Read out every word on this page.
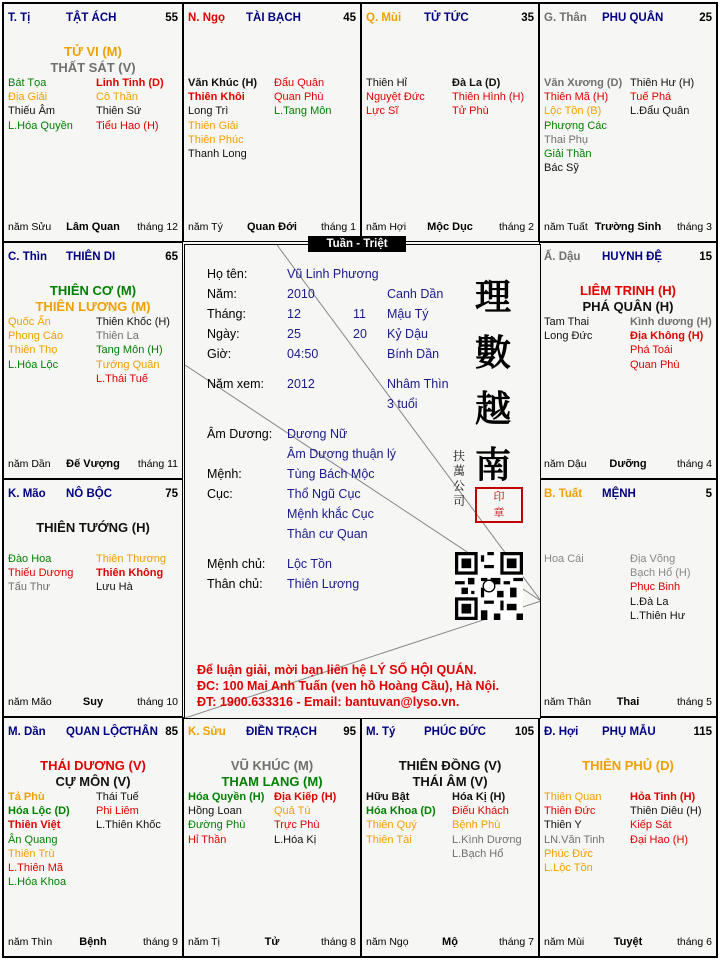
T. Tị	TẬT ÁCH	55
TỬ VI (M)
THẤT SÁT (V)
Bát Tọa
Địa Giải
Thiếu Âm
L.Hóa Quyền
Linh Tinh (D)
Cô Thần
Thiên Sứ
Tiểu Hao (H)
năm Sửu	Lâm Quan	tháng 12
N. Ngọ TÀI BẠCH	45
Văn Khúc (H)
Thiên Khôi
Long Trì
Thiên Giải
Thiên Phúc
Thanh Long
Đẩu Quân
Quan Phù
L.Tang Môn
năm Tý	Quan Đới	tháng 1
Q. Mùi TỬ TỨC	35
Thiên Hỉ
Nguyệt Đức
Lực Sĩ
Đà La (D)
Thiên Hình (H)
Tử Phù
năm Hợi	Mộc Dục	tháng 2
G. Thân PHU QUÂN	25
Văn Xương (D)
Thiên Mã (H)
Lộc Tồn (B)
Phượng Các
Thai Phụ
Giải Thần
Bác Sỹ
Thiên Hư (H)
Tuế Phá
L.Đẩu Quân
năm Tuất Trường Sinh	tháng 3
Ấ. Dậu HUYNH ĐỆ	15
LIÊM TRINH (H)
PHÁ QUÂN (H)
Tam Thai
Long Đức
Kình dương (H)
Địa Không (H)
Phá Toái
Quan Phù
năm Dậu	Dưỡng	tháng 4
B. Tuất MỆNH	5
Hoa Cái	Địa Võng
Bạch Hổ (H)
Phục Binh
L.Đà La
L.Thiên Hư
năm Thân	Thai	tháng 5
Đ. Hợi PHỤ MẪU	115
THIÊN PHỦ (D)
Thiên Quan
Thiên Đức
Thiên Y
LN.Văn Tinh
Phúc Đức
L.Lộc Tồn
Hỏa Tinh (H)
Thiên Diêu (H)
Kiếp Sát
Đại Hao (H)
năm Mùi	Tuyệt	tháng 6
M. Tý PHÚC ĐỨC	105
THIÊN ĐỒNG (V)
THÁI ÂM (V)
Hữu Bật
Hóa Khoa (D)
Thiên Quý
Thiên Tài
Hóa Kị (H)
Điếu Khách
Bệnh Phù
L.Kình Dương
L.Bạch Hổ
năm Ngọ	Mộ	tháng 7
K. Sửu ĐIỀN TRẠCH 95
VŨ KHÚC (M)
THAM LANG (M)
Hóa Quyền (H)
Hồng Loan
Đường Phù
Hỉ Thần
Địa Kiếp (H)
Quả Tú
Trực Phù
L.Hóa Kị
năm Tị	Tử	tháng 8
M. Dần QUAN LỘC
THÂN 85
THÁI DƯƠNG (V)
CỰ MÔN (V)
Tả Phù
Hóa Lộc (D)
Thiên Việt
Ân Quang
Thiên Trù
L.Thiên Mã
L.Hóa Khoa
Thái Tuế
Phi Liêm
L.Thiên Khốc
năm Thìn	Bệnh	tháng 9
K. Mão NÔ BỘC	75
THIÊN TƯỚNG (H)
Đào Hoa
Thiếu Dương
Tấu Thư
Thiên Thương
Thiên Không
Lưu Hà
năm Mão	Suy	tháng 10
C. Thìn THIÊN DI	65
THIÊN CƠ (M)
THIÊN LƯƠNG (M)
Quốc Ấn
Phong Cáo
Thiên Thọ
L.Hóa Lộc
Thiên Khốc (H)
Thiên La
Tang Môn (H)
Tướng Quân
L.Thái Tuế
năm Dần	Đế Vượng	tháng 11
Họ tên:	Vũ Linh Phương
Năm:	2010	Canh Dần
Tháng:	12	11 Mậu Tý
Ngày:	25	20 Kỷ Dậu
Giờ:	04:50	Bính Dần
Năm xem: 2012	Nhâm Thìn
3 tuổi
Âm Dương: Dương Nữ
Âm Dương thuận lý
Mệnh:	Tùng Bách Mộc
Cục:	Thổ Ngũ Cục
Mệnh khắc Cục
Thân cư Quan
Mệnh chủ: Lộc Tồn
Thân chủ: Thiên Lương
理
數
越
南
扶
萬
公
司	印
章
Để luận giải, mời bạn liên hệ LÝ SỐ HỘI QUÁN.
ĐC: 100 Mai Anh Tuấn (ven hồ Hoàng Cầu), Hà Nội.
ĐT: 1900.633316 - Email: bantuvan@lyso.vn.
Tuần - Triệt
